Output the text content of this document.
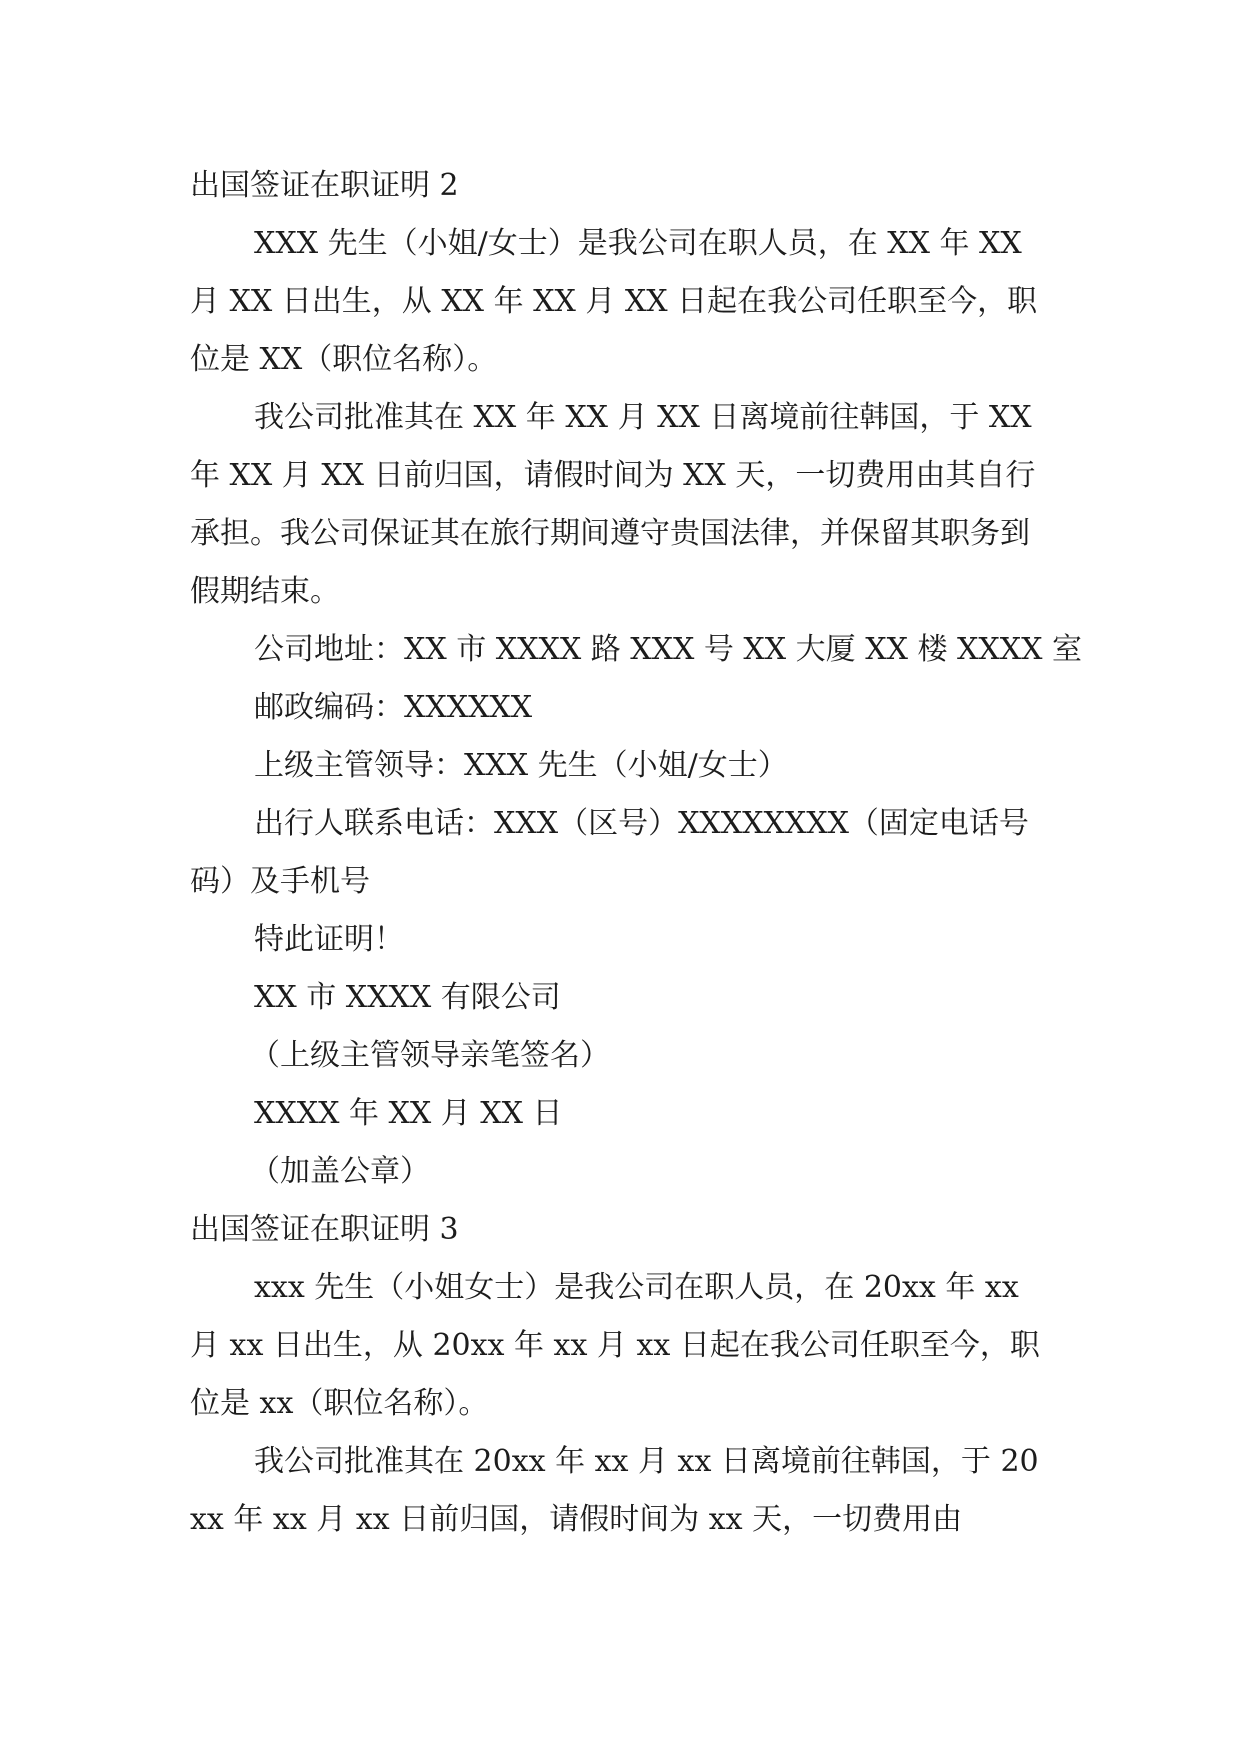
出国签证在职证明 2

XXX 先生（小姐/女士）是我公司在职人员，在 XX 年 XX 月 XX 日出生，从 XX 年 XX 月 XX 日起在我公司任职至今，职位是 XX（职位名称）。

我公司批准其在 XX 年 XX 月 XX 日离境前往韩国，于 XX 年 XX 月 XX 日前归国，请假时间为 XX 天，一切费用由其自行承担。我公司保证其在旅行期间遵守贵国法律，并保留其职务到假期结束。

公司地址：XX 市 XXXX 路 XXX 号 XX 大厦 XX 楼 XXXX 室

邮政编码：XXXXXX

上级主管领导：XXX 先生（小姐/女士）

出行人联系电话：XXX（区号）XXXXXXXX（固定电话号码）及手机号

特此证明！

XX 市 XXXX 有限公司

（上级主管领导亲笔签名）

XXXX 年 XX 月 XX 日

（加盖公章）

出国签证在职证明 3

xxx 先生（小姐女士）是我公司在职人员，在 20xx 年 xx 月 xx 日出生，从 20xx 年 xx 月 xx 日起在我公司任职至今，职位是 xx（职位名称）。

我公司批准其在 20xx 年 xx 月 xx 日离境前往韩国，于 20xx 年 xx 月 xx 日前归国，请假时间为 xx 天，一切费用由
